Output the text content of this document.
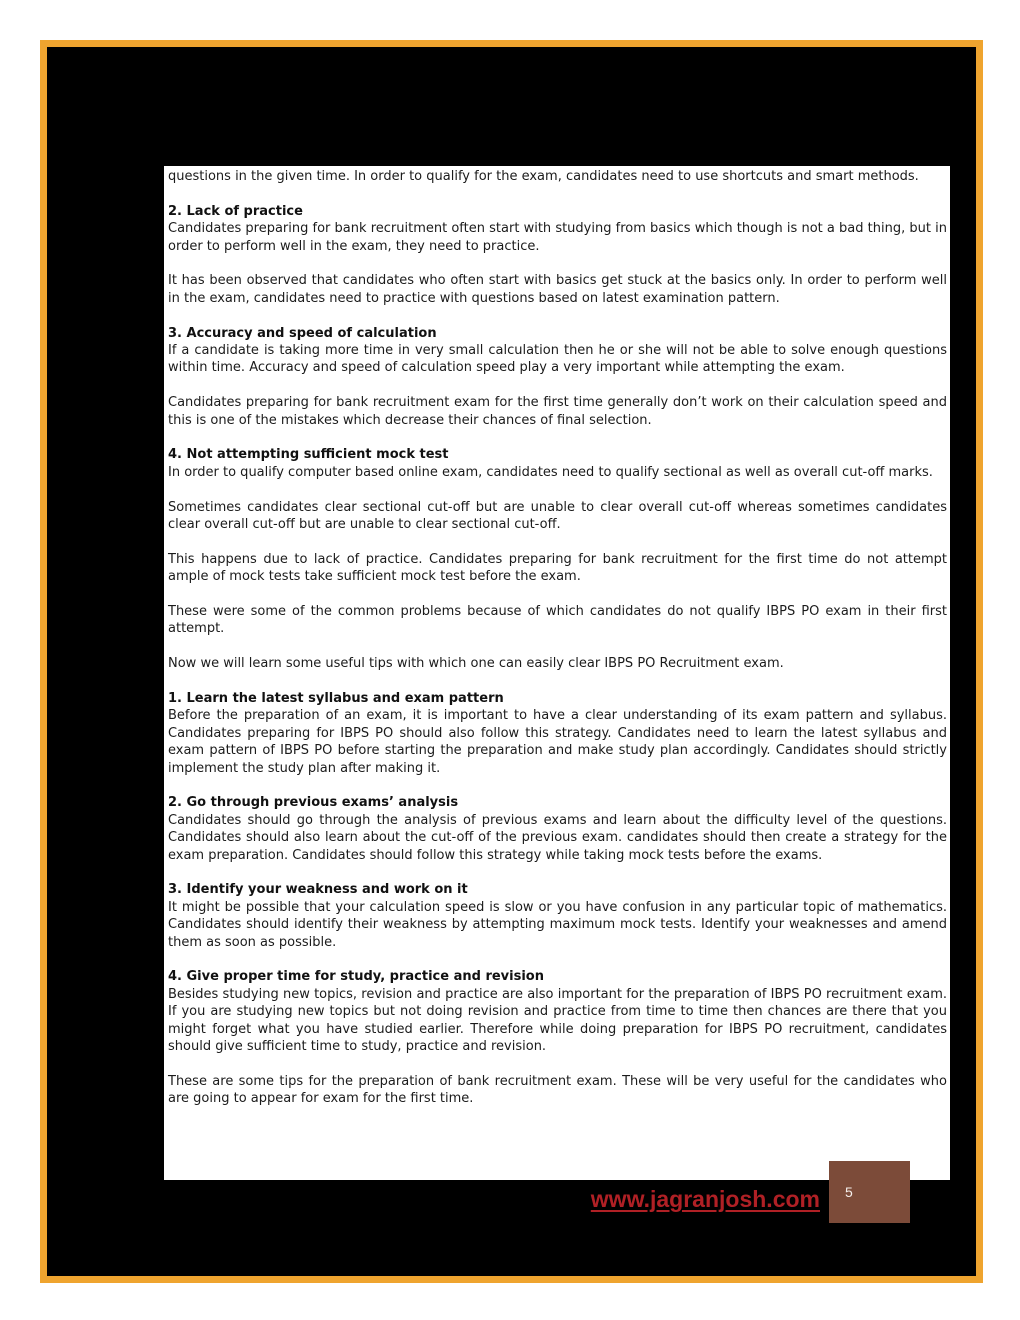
questions in the given time. In order to qualify for the exam, candidates need to use shortcuts and smart methods.
2. Lack of practice
Candidates preparing for bank recruitment often start with studying from basics which though is not a bad thing, but in order to perform well in the exam, they need to practice.
It has been observed that candidates who often start with basics get stuck at the basics only. In order to perform well in the exam, candidates need to practice with questions based on latest examination pattern.
3. Accuracy and speed of calculation
If a candidate is taking more time in very small calculation then he or she will not be able to solve enough questions within time. Accuracy and speed of calculation speed play a very important while attempting the exam.
Candidates preparing for bank recruitment exam for the first time generally don’t work on their calculation speed and this is one of the mistakes which decrease their chances of final selection.
4. Not attempting sufficient mock test
In order to qualify computer based online exam, candidates need to qualify sectional as well as overall cut-off marks.
Sometimes candidates clear sectional cut-off but are unable to clear overall cut-off whereas sometimes candidates clear overall cut-off but are unable to clear sectional cut-off.
This happens due to lack of practice. Candidates preparing for bank recruitment for the first time do not attempt ample of mock tests take sufficient mock test before the exam.
These were some of the common problems because of which candidates do not qualify IBPS PO exam in their first attempt.
Now we will learn some useful tips with which one can easily clear IBPS PO Recruitment exam.
1. Learn the latest syllabus and exam pattern
Before the preparation of an exam, it is important to have a clear understanding of its exam pattern and syllabus. Candidates preparing for IBPS PO should also follow this strategy. Candidates need to learn the latest syllabus and exam pattern of IBPS PO before starting the preparation and make study plan accordingly. Candidates should strictly implement the study plan after making it.
2. Go through previous exams’ analysis
Candidates should go through the analysis of previous exams and learn about the difficulty level of the questions. Candidates should also learn about the cut-off of the previous exam. candidates should then create a strategy for the exam preparation. Candidates should follow this strategy while taking mock tests before the exams.
3. Identify your weakness and work on it
It might be possible that your calculation speed is slow or you have confusion in any particular topic of mathematics. Candidates should identify their weakness by attempting maximum mock tests. Identify your weaknesses and amend them as soon as possible.
4. Give proper time for study, practice and revision
Besides studying new topics, revision and practice are also important for the preparation of IBPS PO recruitment exam. If you are studying new topics but not doing revision and practice from time to time then chances are there that you might forget what you have studied earlier. Therefore while doing preparation for IBPS PO recruitment, candidates should give sufficient time to study, practice and revision.
These are some tips for the preparation of bank recruitment exam. These will be very useful for the candidates who are going to appear for exam for the first time.
www.jagranjosh.com	5
